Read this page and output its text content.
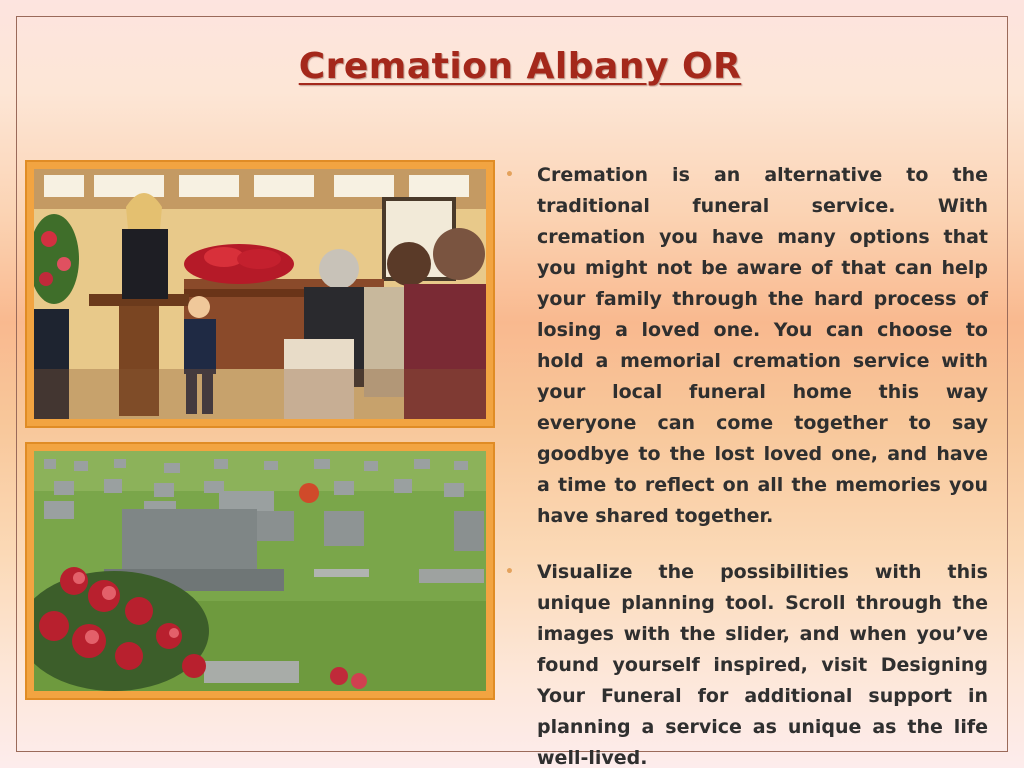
Cremation Albany OR

• Cremation is an alternative to the traditional funeral service. With cremation you have many options that you might not be aware of that can help your family through the hard process of losing a loved one. You can choose to hold a memorial cremation service with your local funeral home this way everyone can come together to say goodbye to the lost loved one, and have a time to reflect on all the memories you have shared together.

• Visualize the possibilities with this unique planning tool. Scroll through the images with the slider, and when you’ve found yourself inspired, visit Designing Your Funeral for additional support in planning a service as unique as the life well-lived.
